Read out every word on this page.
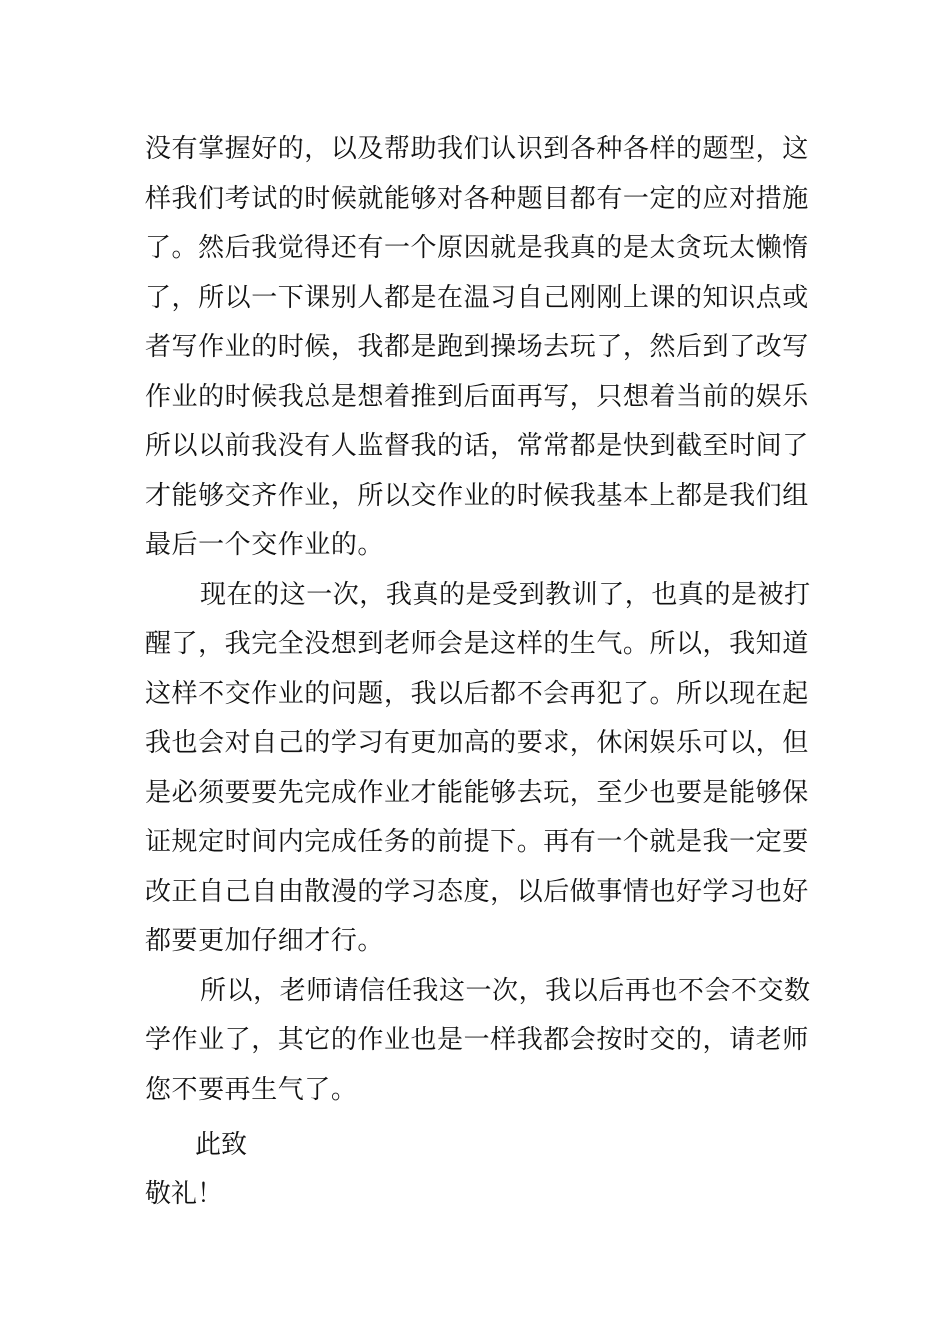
没有掌握好的，以及帮助我们认识到各种各样的题型，这
样我们考试的时候就能够对各种题目都有一定的应对措施
了。然后我觉得还有一个原因就是我真的是太贪玩太懒惰
了，所以一下课别人都是在温习自己刚刚上课的知识点或
者写作业的时候，我都是跑到操场去玩了，然后到了改写
作业的时候我总是想着推到后面再写，只想着当前的娱乐
所以以前我没有人监督我的话，常常都是快到截至时间了
才能够交齐作业，所以交作业的时候我基本上都是我们组
最后一个交作业的。
现在的这一次，我真的是受到教训了，也真的是被打
醒了，我完全没想到老师会是这样的生气。所以，我知道
这样不交作业的问题，我以后都不会再犯了。所以现在起
我也会对自己的学习有更加高的要求，休闲娱乐可以，但
是必须要要先完成作业才能能够去玩，至少也要是能够保
证规定时间内完成任务的前提下。再有一个就是我一定要
改正自己自由散漫的学习态度，以后做事情也好学习也好
都要更加仔细才行。
所以，老师请信任我这一次，我以后再也不会不交数
学作业了，其它的作业也是一样我都会按时交的，请老师
您不要再生气了。
此致
敬礼！
